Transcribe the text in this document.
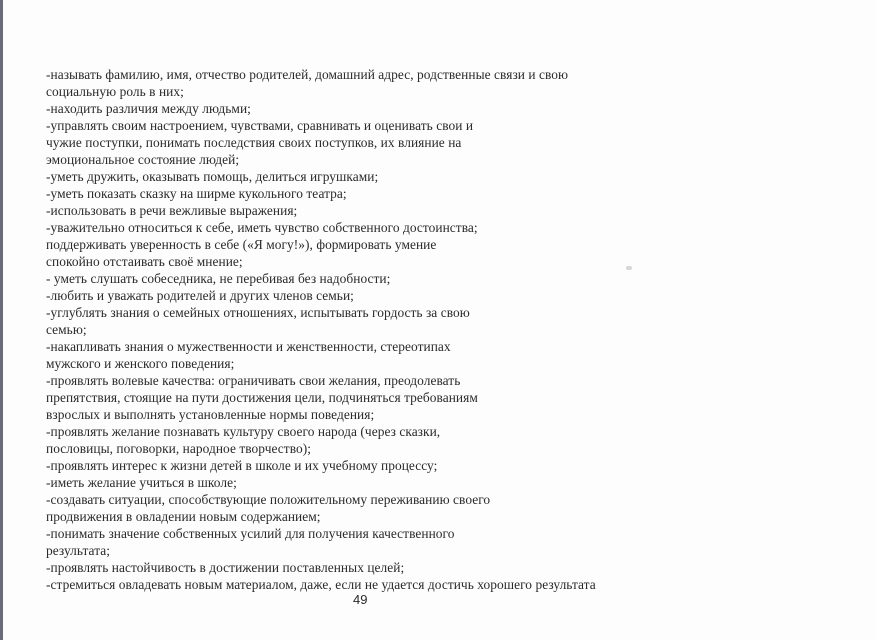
-называть фамилию, имя, отчество родителей, домашний адрес, родственные связи и свою
социальную роль в них;
-находить различия между людьми;
-управлять своим настроением, чувствами, сравнивать и оценивать свои и
чужие поступки, понимать последствия своих поступков, их влияние на
эмоциональное состояние людей;
-уметь дружить, оказывать помощь, делиться игрушками;
-уметь показать сказку на ширме кукольного театра;
-использовать в речи вежливые выражения;
-уважительно относиться к себе, иметь чувство собственного достоинства;
поддерживать уверенность в себе («Я могу!»), формировать умение
спокойно отстаивать своё мнение;
- уметь слушать собеседника, не перебивая без надобности;
-любить и уважать родителей и других членов семьи;
-углублять знания о семейных отношениях, испытывать гордость за свою
семью;
-накапливать знания о мужественности и женственности, стереотипах
мужского и женского поведения;
-проявлять волевые качества: ограничивать свои желания, преодолевать
препятствия, стоящие на пути достижения цели, подчиняться требованиям
взрослых и выполнять установленные нормы поведения;
-проявлять желание познавать культуру своего народа (через сказки,
пословицы, поговорки, народное творчество);
-проявлять интерес к жизни детей в школе и их учебному процессу;
-иметь желание учиться в школе;
-создавать ситуации, способствующие положительному переживанию своего
продвижения в овладении новым содержанием;
-понимать значение собственных усилий для получения качественного
результата;
-проявлять настойчивость в достижении поставленных целей;
-стремиться овладевать новым материалом, даже, если не удается достичь хорошего результата
49
